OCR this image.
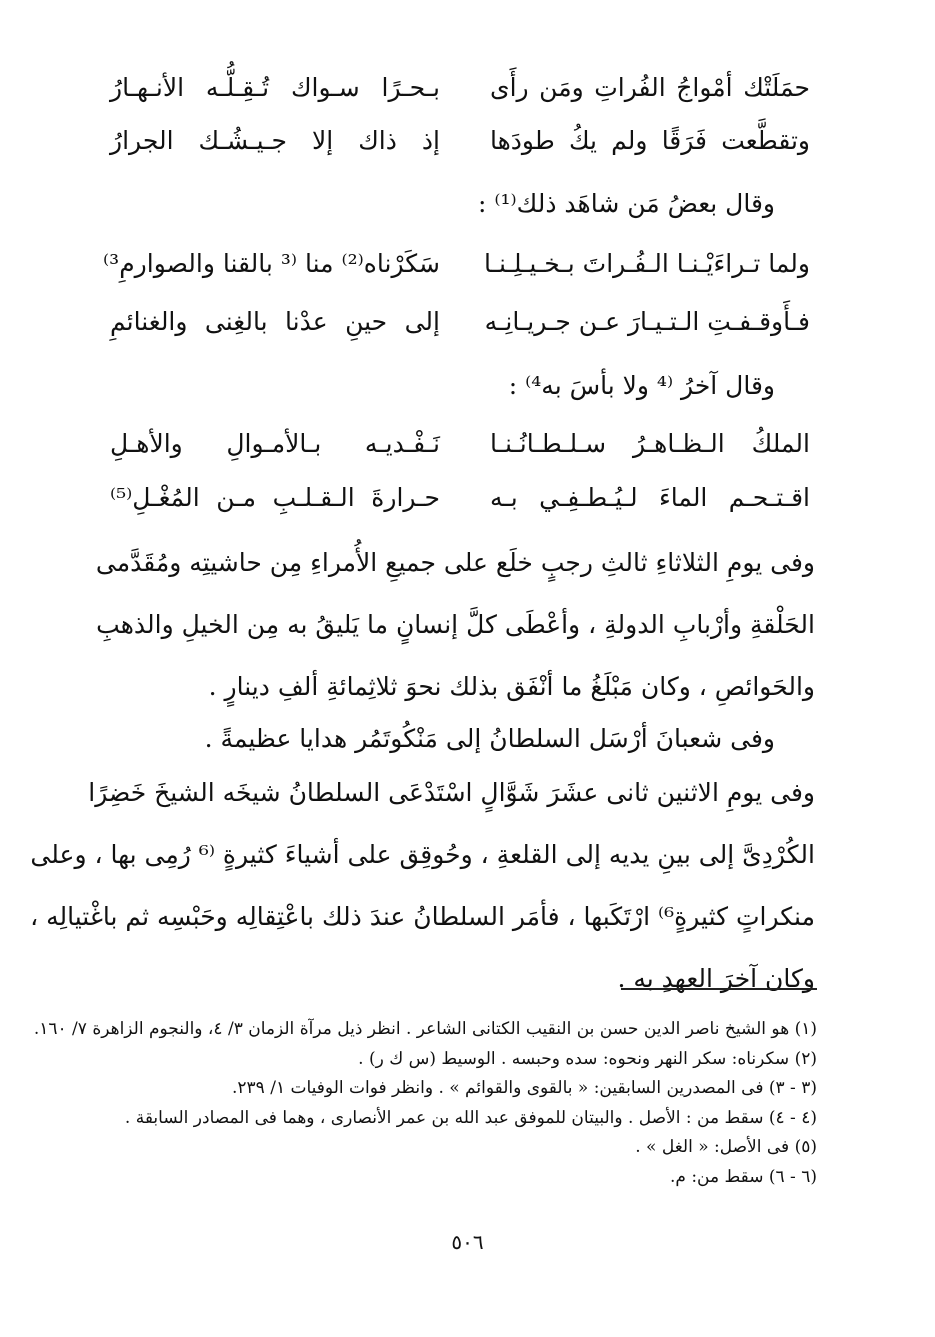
حمَلَتْك أمْواجُ الفُراتِ ومَن رأَى
بـحـرًا سـواك تُـقِـلُّـه الأنـهـارُ
وتقطَّعت فَرَقًا ولم يكُ طودَها
إذ ذاك إلا جـيـشُـك الجرارُ
وقال بعضُ مَن شاهَد ذلك⁽¹⁾ :
ولما تـراءَيْـنـا الـفُـراتَ بـخـيـلِـنـا
سَكَرْناه⁽²⁾ منا ⁽³ بالقنا والصوارمِ³⁾
فـأَوقـفـتِ الـتـيـارَ عـن جـريـانِـه
إلى حينِ عدْنا بالغِنى والغنائمِ
وقال آخرُ ⁽⁴ ولا بأسَ به⁴⁾ :
الملكُ الـظـاهـرُ سـلـطـانُـنـا
نَـفْـديـه بـالأمـوالِ والأهـلِ
اقـتـحـم الماءَ لـيُـطـفِـي بـه
حـرارةَ الـقـلـبِ مـن المُغْـلِ⁽⁵⁾
وفى يومِ الثلاثاءِ ثالثِ رجبٍ خلَع على جميعِ الأُمراءِ مِن حاشيتِه ومُقَدَّمى
الحَلْقةِ وأرْبابِ الدولةِ ، وأعْطَى كلَّ إنسانٍ ما يَليقُ به مِن الخيلِ والذهبِ
والحَوائصِ ، وكان مَبْلَغُ ما أنْفَق بذلك نحوَ ثلاثِمائةِ ألفِ دينارٍ .
وفى شعبانَ أرْسَل السلطانُ إلى مَنْكُوتَمُر هدايا عظيمةً .
وفى يومِ الاثنين ثانى عشَرَ شَوَّالٍ اسْتَدْعَى السلطانُ شيخَه الشيخَ خَضِرًا
الكُرْدِىَّ إلى بينِ يديه إلى القلعةِ ، وحُوقِق على أشياءَ كثيرةٍ ⁽⁶ رُمِى بها ، وعلى
منكراتٍ كثيرةٍ⁶⁾ ارْتَكَبها ، فأمَر السلطانُ عندَ ذلك باعْتِقالِه وحَبْسِه ثم باغْتيالِه ،
وكان آخرَ العهدِ به .
(١) هو الشيخ ناصر الدين حسن بن النقيب الكتانى الشاعر . انظر ذيل مرآة الزمان ٣/ ٤، والنجوم الزاهرة ٧/ ١٦٠.
(٢) سكرناه: سكر النهر ونحوه: سده وحبسه . الوسيط (س ك ر) .
(٣ - ٣) فى المصدرين السابقين: « بالقوى والقوائم » . وانظر فوات الوفيات ١/ ٢٣٩.
(٤ - ٤) سقط من : الأصل . والبيتان للموفق عبد الله بن عمر الأنصارى ، وهما فى المصادر السابقة .
(٥) فى الأصل: « الغل » .
(٦ - ٦) سقط من: م.
٥٠٦
